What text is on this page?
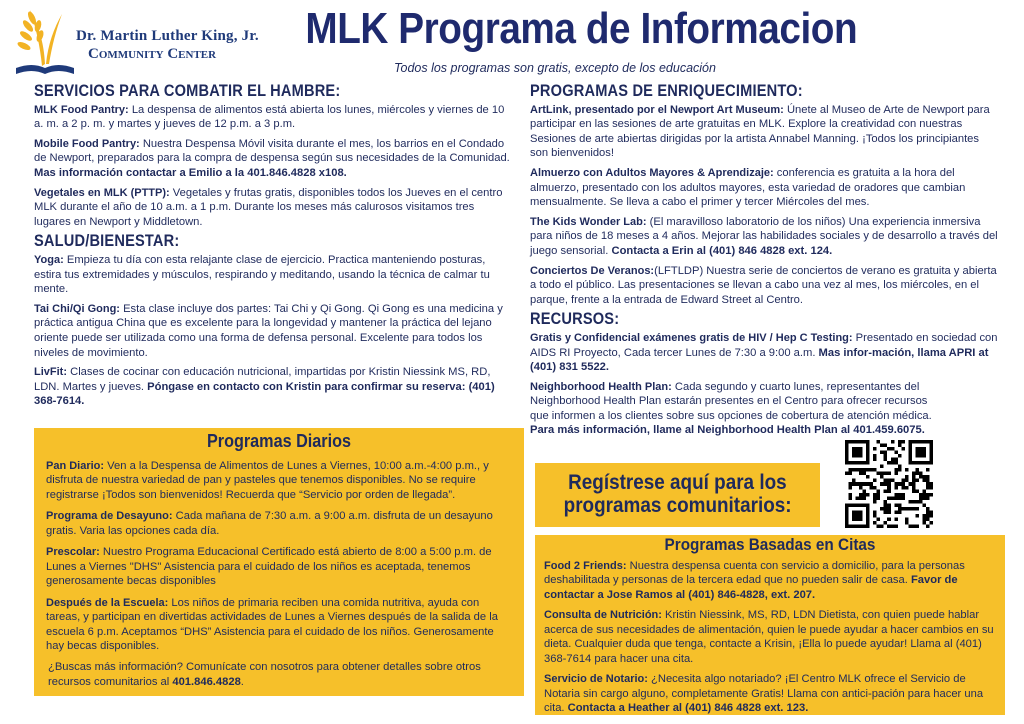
Dr. Martin Luther King, Jr.
Community Center
MLK Programa de Informacion
Todos los programas son gratis, excepto de los educación
SERVICIOS PARA COMBATIR EL HAMBRE:
MLK Food Pantry: La despensa de alimentos está abierta los lunes, miércoles y viernes de 10 a. m. a 2 p. m. y martes y jueves de 12 p.m. a 3 p.m.
Mobile Food Pantry: Nuestra Despensa Móvil visita durante el mes, los barrios en el Condado de Newport, preparados para la compra de despensa según sus necesidades de la Comunidad. Mas información contactar a Emilio a la 401.846.4828 x108.
Vegetales en MLK (PTTP): Vegetales y frutas gratis, disponibles todos los Jueves en el centro MLK durante el año de 10 a.m. a 1 p.m. Durante los meses más calurosos visitamos tres lugares en Newport y Middletown.
SALUD/BIENESTAR:
Yoga: Empieza tu día con esta relajante clase de ejercicio. Practica manteniendo posturas, estira tus extremidades y músculos, respirando y meditando, usando la técnica de calmar tu mente.
Tai Chi/Qi Gong: Esta clase incluye dos partes: Tai Chi y Qi Gong. Qi Gong es una medicina y práctica antigua China que es excelente para la longevidad y mantener la práctica del lejano oriente puede ser utilizada como una forma de defensa personal. Excelente para todos los niveles de movimiento.
LivFit: Clases de cocinar con educación nutricional, impartidas por Kristin Niessink MS, RD, LDN. Martes y jueves. Póngase en contacto con Kristin para confirmar su reserva: (401) 368-7614.
Programas Diarios
Pan Diario: Ven a la Despensa de Alimentos de Lunes a Viernes, 10:00 a.m.-4:00 p.m., y disfruta de nuestra variedad de pan y pasteles que tenemos disponibles. No se require registrarse ¡Todos son bienvenidos! Recuerda que “Servicio por orden de llegada”.
Programa de Desayuno: Cada mañana de 7:30 a.m. a 9:00 a.m. disfruta de un desayuno gratis. Varia las opciones cada día.
Prescolar: Nuestro Programa Educacional Certificado está abierto de 8:00 a 5:00 p.m. de Lunes a Viernes "DHS" Asistencia para el cuidado de los niños es aceptada, tenemos generosamente becas disponibles
Después de la Escuela: Los niños de primaria reciben una comida nutritiva, ayuda con tareas, y participan en divertidas actividades de Lunes a Viernes después de la salida de la escuela 6 p.m. Aceptamos “DHS” Asistencia para el cuidado de los niños. Generosamente hay becas disponibles.
¿Buscas más información? Comunícate con nosotros para obtener detalles sobre otros recursos comunitarios al 401.846.4828.
PROGRAMAS DE ENRIQUECIMIENTO:
ArtLink, presentado por el Newport Art Museum: Únete al Museo de Arte de Newport para participar en las sesiones de arte gratuitas en MLK. Explore la creatividad con nuestras Sesiones de arte abiertas dirigidas por la artista Annabel Manning. ¡Todos los principiantes son bienvenidos!
Almuerzo con Adultos Mayores & Aprendizaje: conferencia es gratuita a la hora del almuerzo, presentado con los adultos mayores, esta variedad de oradores que cambian mensualmente. Se lleva a cabo el primer y tercer Miércoles del mes.
The Kids Wonder Lab: (El maravilloso laboratorio de los niños) Una experiencia inmersiva para niños de 18 meses a 4 años. Mejorar las habilidades sociales y de desarrollo a través del juego sensorial. Contacta a Erin al (401) 846 4828 ext. 124.
Conciertos De Veranos:(LFTLDP) Nuestra serie de conciertos de verano es gratuita y abierta a todo el público. Las presentaciones se llevan a cabo una vez al mes, los miércoles, en el parque, frente a la entrada de Edward Street al Centro.
RECURSOS:
Gratis y Confidencial exámenes gratis de HIV / Hep C Testing: Presentado en sociedad con AIDS RI Proyecto, Cada tercer Lunes de 7:30 a 9:00 a.m. Mas infor-mación, llama APRI at (401) 831 5522.
Neighborhood Health Plan: Cada segundo y cuarto lunes, representantes del Neighborhood Health Plan estarán presentes en el Centro para ofrecer recursos que informen a los clientes sobre sus opciones de cobertura de atención médica. Para más información, llame al Neighborhood Health Plan al 401.459.6075.
Regístrese aquí para los
programas comunitarios:
Programas Basadas en Citas
Food 2 Friends: Nuestra despensa cuenta con servicio a domicilio, para la personas deshabilitada y personas de la tercera edad que no pueden salir de casa. Favor de contactar a Jose Ramos al (401) 846-4828, ext. 207.
Consulta de Nutrición: Kristin Niessink, MS, RD, LDN Dietista, con quien puede hablar acerca de sus necesidades de alimentación, quien le puede ayudar a hacer cambios en su dieta. Cualquier duda que tenga, contacte a Krisin, ¡Ella lo puede ayudar! Llama al (401) 368-7614 para hacer una cita.
Servicio de Notario: ¿Necesita algo notariado? ¡El Centro MLK ofrece el Servicio de Notaria sin cargo alguno, completamente Gratis! Llama con antici-pación para hacer una cita. Contacta a Heather al (401) 846 4828 ext. 123.
